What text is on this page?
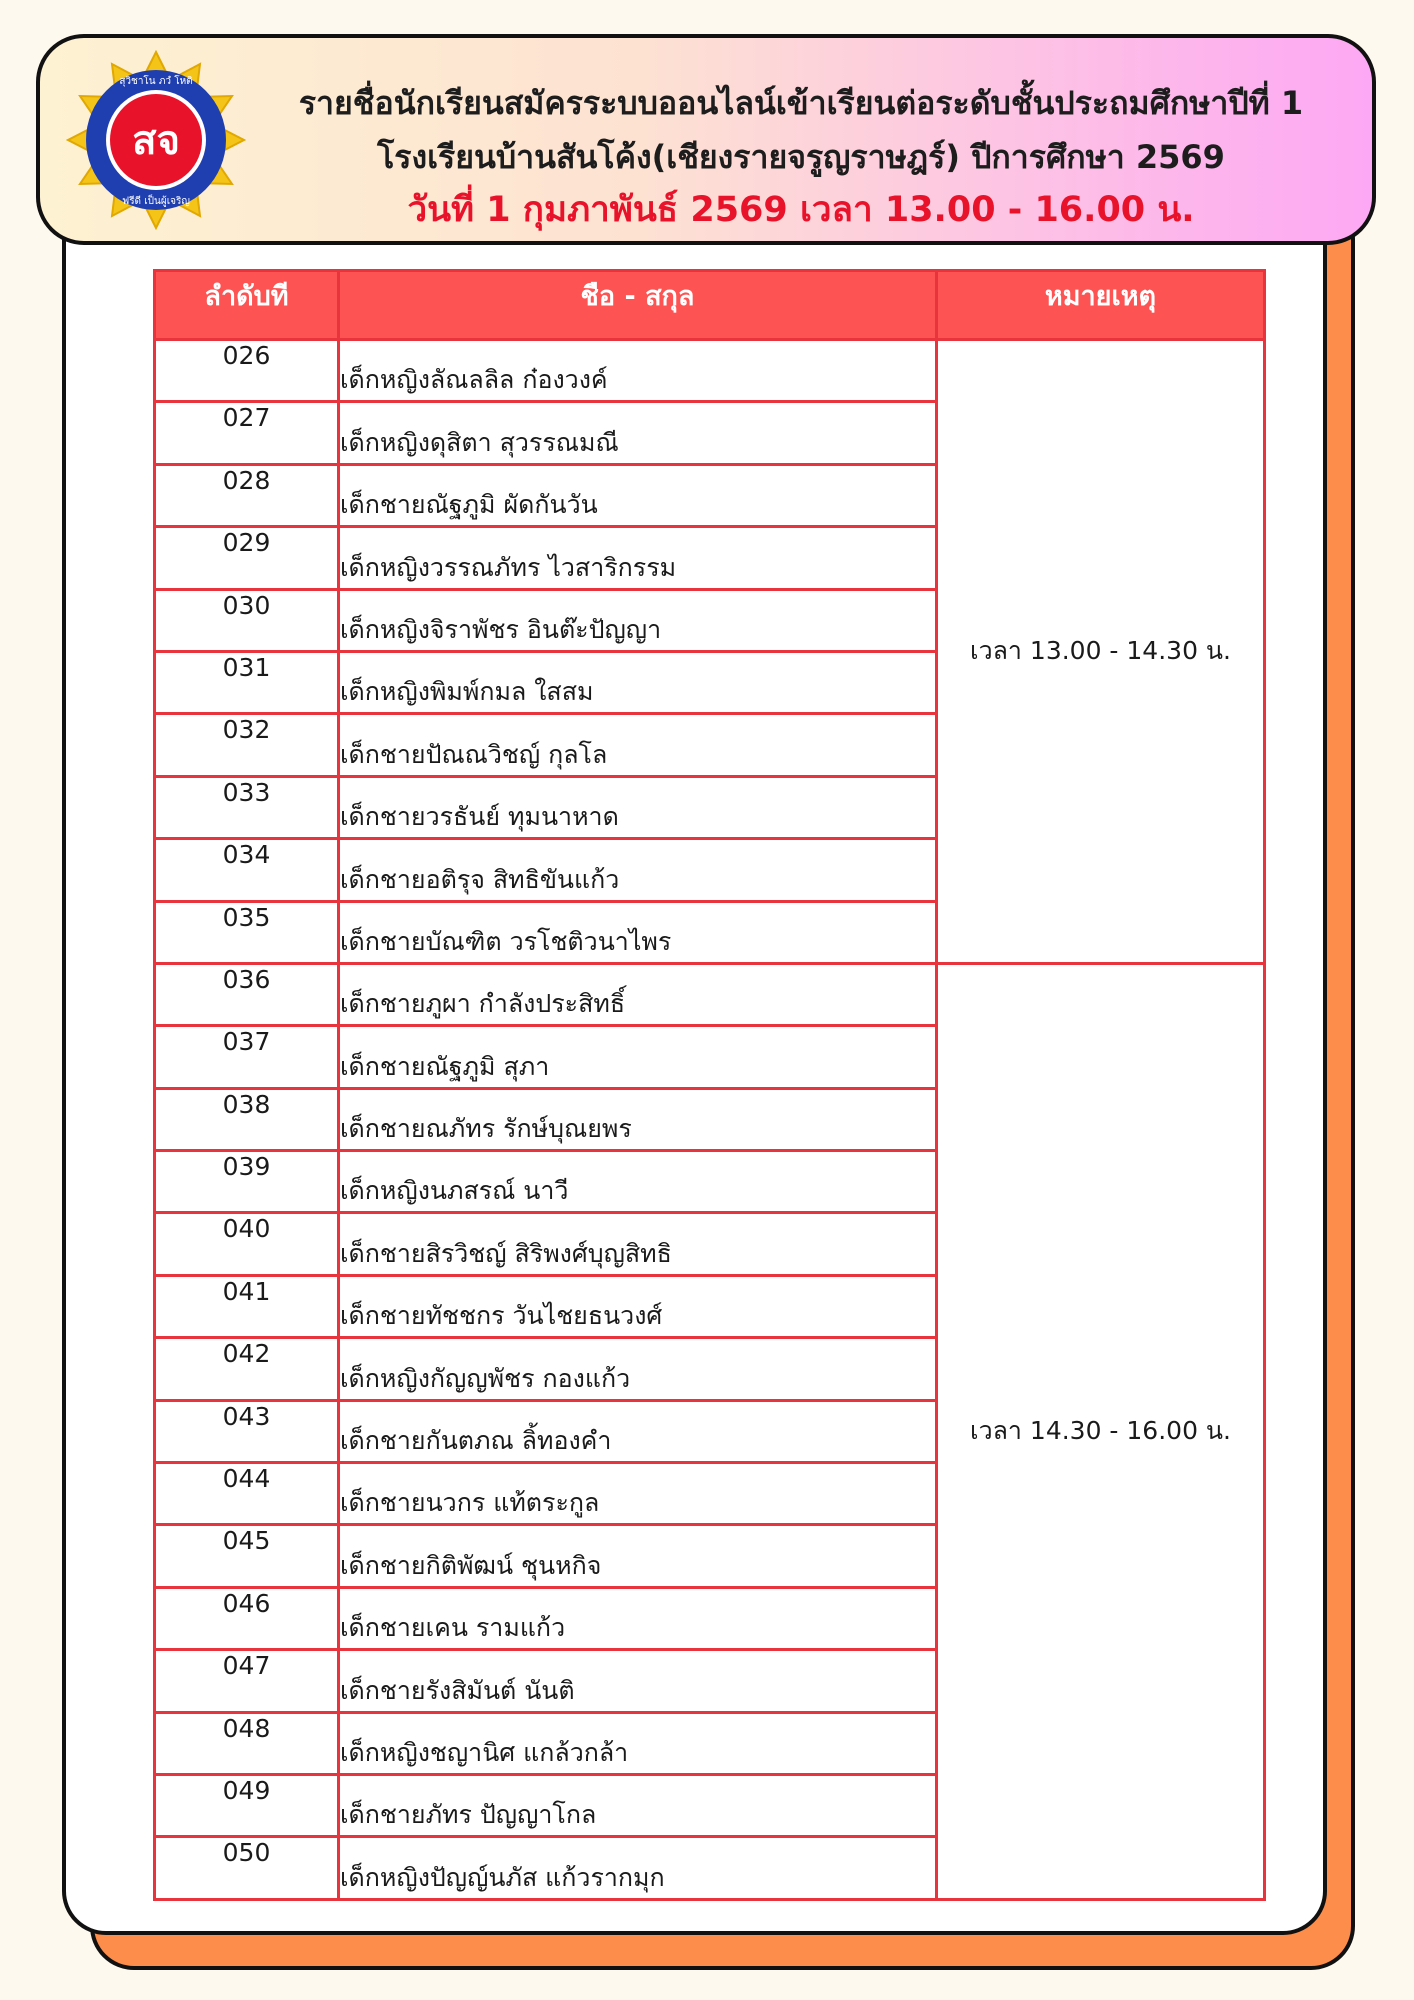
สุวิชาโน ภวํ โหติ
สจ
ฟรีดี เป็นผู้เจริญ
รายชื่อนักเรียนสมัครระบบออนไลน์เข้าเรียนต่อระดับชั้นประถมศึกษาปีที่ 1
โรงเรียนบ้านสันโค้ง(เชียงรายจรูญราษฎร์) ปีการศึกษา 2569
วันที่ 1 กุมภาพันธ์ 2569 เวลา 13.00 - 16.00 น.
ลำดับที	ชือ - สกุล	หมายเหตุ
026	เด็กหญิงลัณลลิล ก๋องวงค์	เวลา 13.00 - 14.30 น.
027	เด็กหญิงดุสิตา สุวรรณมณี	
028	เด็กชายณัฐภูมิ ผัดกันวัน	
029	เด็กหญิงวรรณภัทร ไวสาริกรรม	
030	เด็กหญิงจิราพัชร อินต๊ะปัญญา	
031	เด็กหญิงพิมพ์กมล ใสสม	
032	เด็กชายปัณณวิชญ์ กุลโล	
033	เด็กชายวรธันย์ ทุมนาหาด	
034	เด็กชายอติรุจ สิทธิขันแก้ว	
035	เด็กชายบัณฑิต วรโชติวนาไพร	
036	เด็กชายภูผา กำลังประสิทธิ์	เวลา 14.30 - 16.00 น.
037	เด็กชายณัฐภูมิ สุภา	
038	เด็กชายณภัทร รักษ์บุณยพร	
039	เด็กหญิงนภสรณ์ นาวี	
040	เด็กชายสิรวิชญ์ สิริพงศ์บุญสิทธิ	
041	เด็กชายทัชชกร วันไชยธนวงศ์	
042	เด็กหญิงกัญญพัชร กองแก้ว	
043	เด็กชายกันตภณ ลิ้ทองคำ	
044	เด็กชายนวกร แท้ตระกูล	
045	เด็กชายกิติพัฒน์ ชุนหกิจ	
046	เด็กชายเคน รามแก้ว	
047	เด็กชายรังสิมันต์ นันติ	
048	เด็กหญิงชญานิศ แกล้วกล้า	
049	เด็กชายภัทร ปัญญาโกล	
050	เด็กหญิงปัญญ์นภัส แก้วรากมุก	
